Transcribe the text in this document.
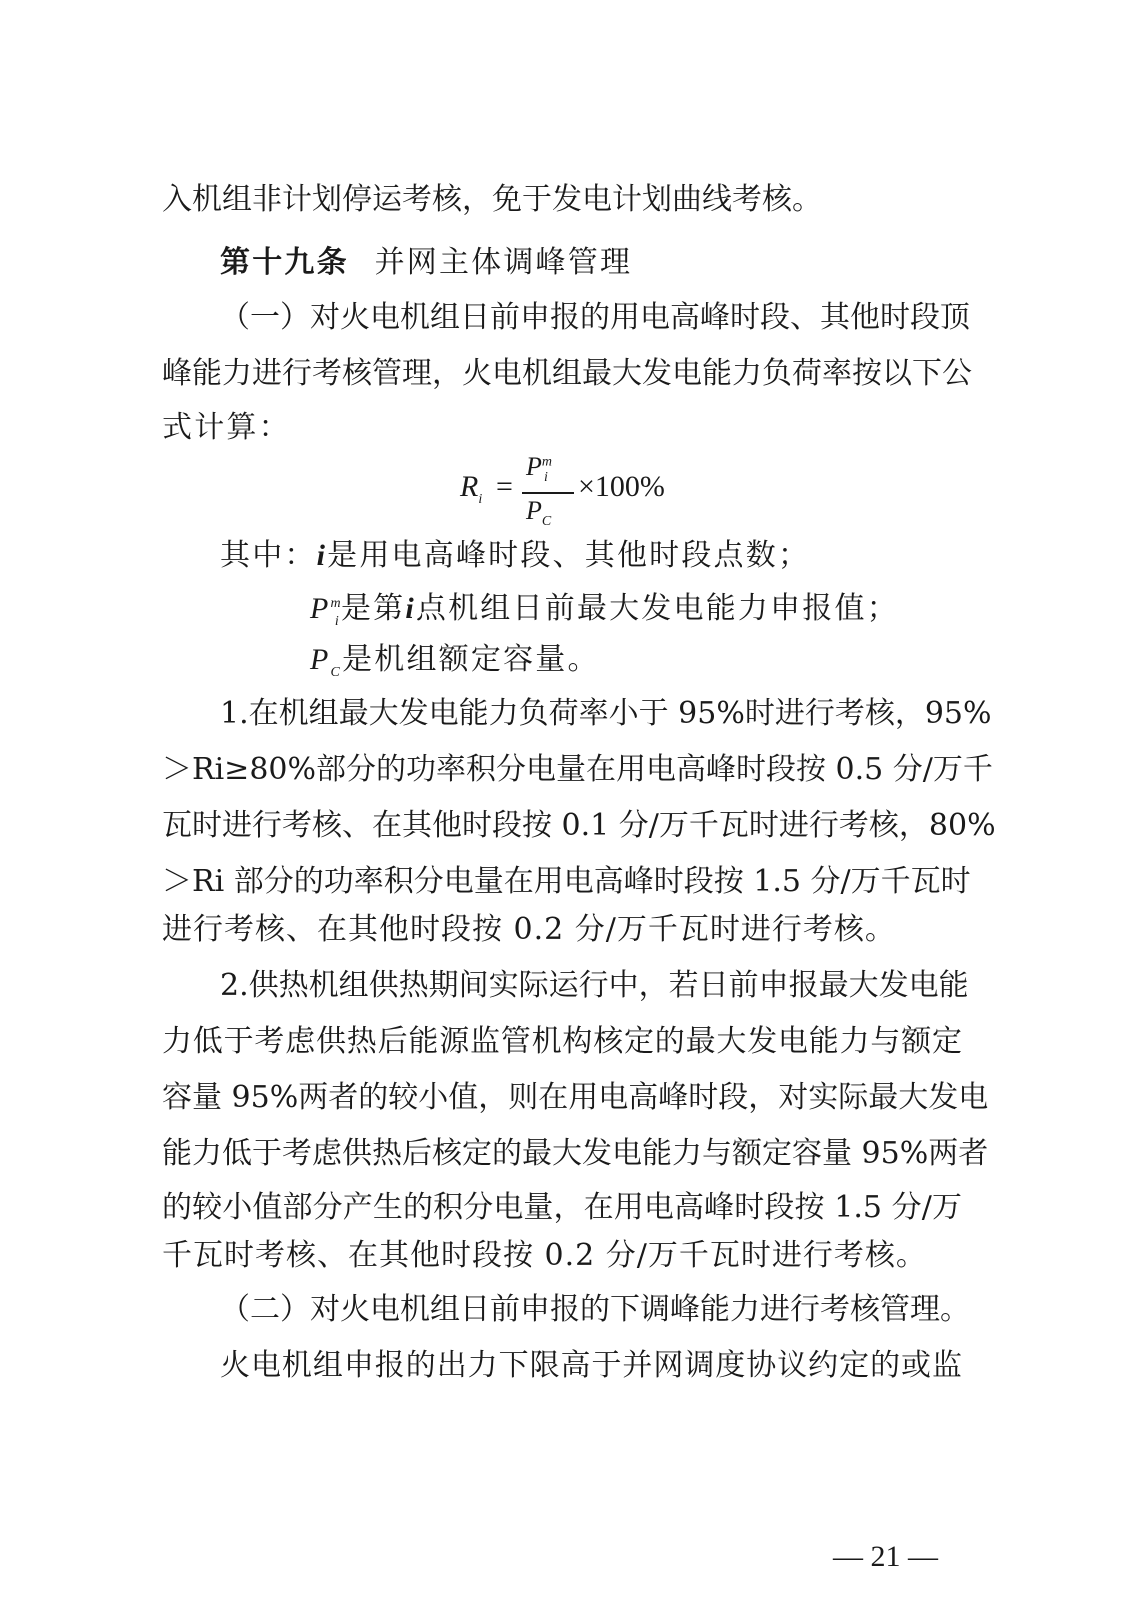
入机组非计划停运考核，免于发电计划曲线考核。
第十九条 并网主体调峰管理
（一）对火电机组日前申报的用电高峰时段、其他时段顶
峰能力进行考核管理，火电机组最大发电能力负荷率按以下公
式计算：
$R_i$ =
$P^m_i$
$P_C$
×100%
其中：i是用电高峰时段、其他时段点数；
$P^m_i$是第i点机组日前最大发电能力申报值；
$P_C$是机组额定容量。
1.在机组最大发电能力负荷率小于 95%时进行考核，95%
＞Ri≥80%部分的功率积分电量在用电高峰时段按 0.5 分/万千
瓦时进行考核、在其他时段按 0.1 分/万千瓦时进行考核，80%
＞Ri 部分的功率积分电量在用电高峰时段按 1.5 分/万千瓦时
进行考核、在其他时段按 0.2 分/万千瓦时进行考核。
2.供热机组供热期间实际运行中，若日前申报最大发电能
力低于考虑供热后能源监管机构核定的最大发电能力与额定
容量 95%两者的较小值，则在用电高峰时段，对实际最大发电
能力低于考虑供热后核定的最大发电能力与额定容量 95%两者
的较小值部分产生的积分电量，在用电高峰时段按 1.5 分/万
千瓦时考核、在其他时段按 0.2 分/万千瓦时进行考核。
（二）对火电机组日前申报的下调峰能力进行考核管理。
火电机组申报的出力下限高于并网调度协议约定的或监
— 21 —
